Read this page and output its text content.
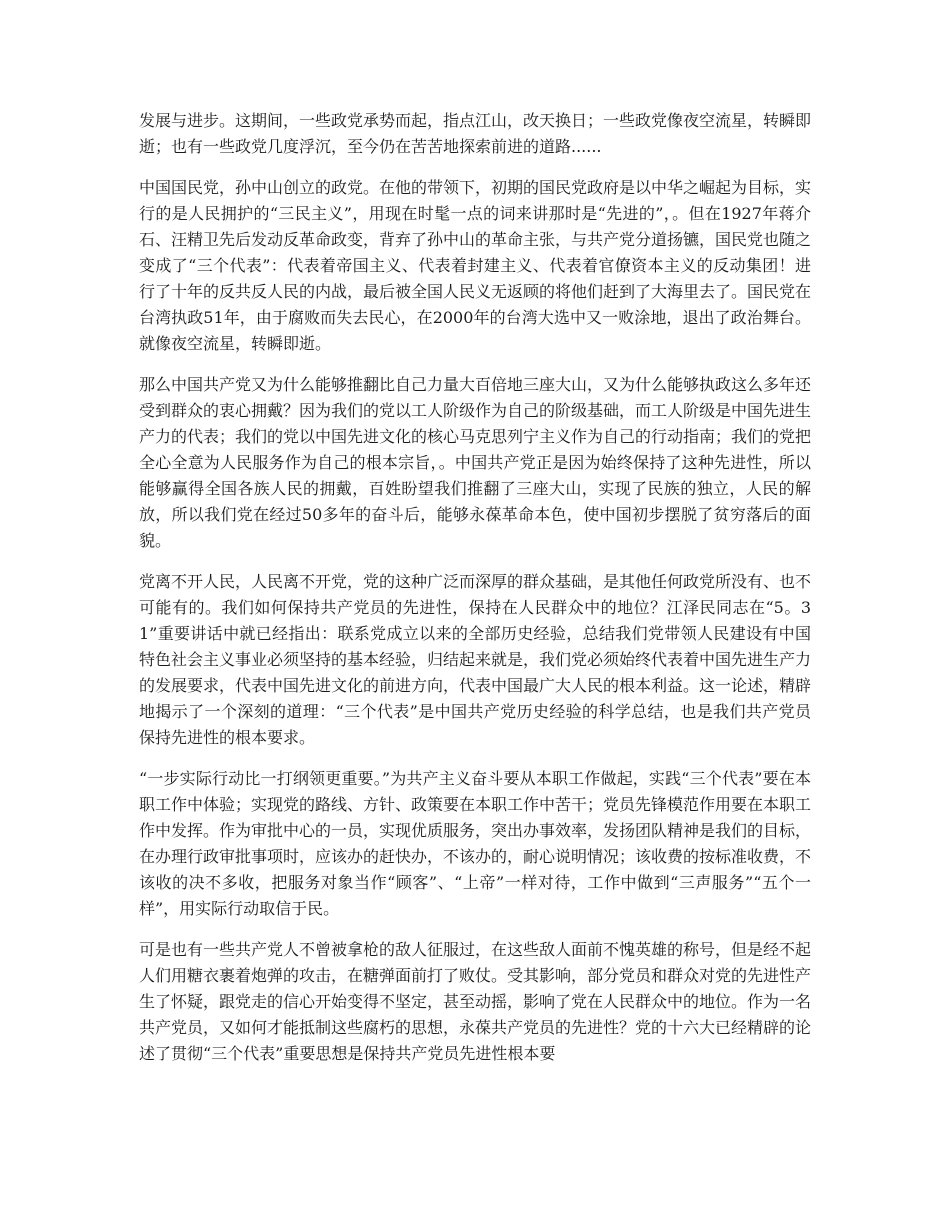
发展与进步。这期间，一些政党承势而起，指点江山，改天换日；一些政党像夜空流星，转瞬即逝；也有一些政党几度浮沉，至今仍在苦苦地探索前进的道路......

中国国民党，孙中山创立的政党。在他的带领下，初期的国民党政府是以中华之崛起为目标，实行的是人民拥护的“三民主义”，用现在时髦一点的词来讲那时是“先进的”，。但在1927年蒋介石、汪精卫先后发动反革命政变，背弃了孙中山的革命主张，与共产党分道扬镳，国民党也随之变成了“三个代表”：代表着帝国主义、代表着封建主义、代表着官僚资本主义的反动集团！进行了十年的反共反人民的内战，最后被全国人民义无返顾的将他们赶到了大海里去了。国民党在台湾执政51年，由于腐败而失去民心，在2000年的台湾大选中又一败涂地，退出了政治舞台。就像夜空流星，转瞬即逝。

那么中国共产党又为什么能够推翻比自己力量大百倍地三座大山，又为什么能够执政这么多年还受到群众的衷心拥戴？因为我们的党以工人阶级作为自己的阶级基础，而工人阶级是中国先进生产力的代表；我们的党以中国先进文化的核心马克思列宁主义作为自己的行动指南；我们的党把全心全意为人民服务作为自己的根本宗旨，。中国共产党正是因为始终保持了这种先进性，所以能够赢得全国各族人民的拥戴，百姓盼望我们推翻了三座大山，实现了民族的独立，人民的解放，所以我们党在经过50多年的奋斗后，能够永葆革命本色，使中国初步摆脱了贫穷落后的面貌。

党离不开人民，人民离不开党，党的这种广泛而深厚的群众基础，是其他任何政党所没有、也不可能有的。我们如何保持共产党员的先进性，保持在人民群众中的地位？江泽民同志在“5。31”重要讲话中就已经指出：联系党成立以来的全部历史经验，总结我们党带领人民建设有中国特色社会主义事业必须坚持的基本经验，归结起来就是，我们党必须始终代表着中国先进生产力的发展要求，代表中国先进文化的前进方向，代表中国最广大人民的根本利益。这一论述，精辟地揭示了一个深刻的道理：“三个代表”是中国共产党历史经验的科学总结，也是我们共产党员保持先进性的根本要求。

“一步实际行动比一打纲领更重要。”为共产主义奋斗要从本职工作做起，实践“三个代表”要在本职工作中体验；实现党的路线、方针、政策要在本职工作中苦干；党员先锋模范作用要在本职工作中发挥。作为审批中心的一员，实现优质服务，突出办事效率，发扬团队精神是我们的目标，在办理行政审批事项时，应该办的赶快办，不该办的，耐心说明情况；该收费的按标准收费，不该收的决不多收，把服务对象当作“顾客”、“上帝”一样对待，工作中做到“三声服务”“五个一样”，用实际行动取信于民。

可是也有一些共产党人不曾被拿枪的敌人征服过，在这些敌人面前不愧英雄的称号，但是经不起人们用糖衣裹着炮弹的攻击，在糖弹面前打了败仗。受其影响，部分党员和群众对党的先进性产生了怀疑，跟党走的信心开始变得不坚定，甚至动摇，影响了党在人民群众中的地位。作为一名共产党员，又如何才能抵制这些腐朽的思想，永葆共产党员的先进性？党的十六大已经精辟的论述了贯彻“三个代表”重要思想是保持共产党员先进性根本要
